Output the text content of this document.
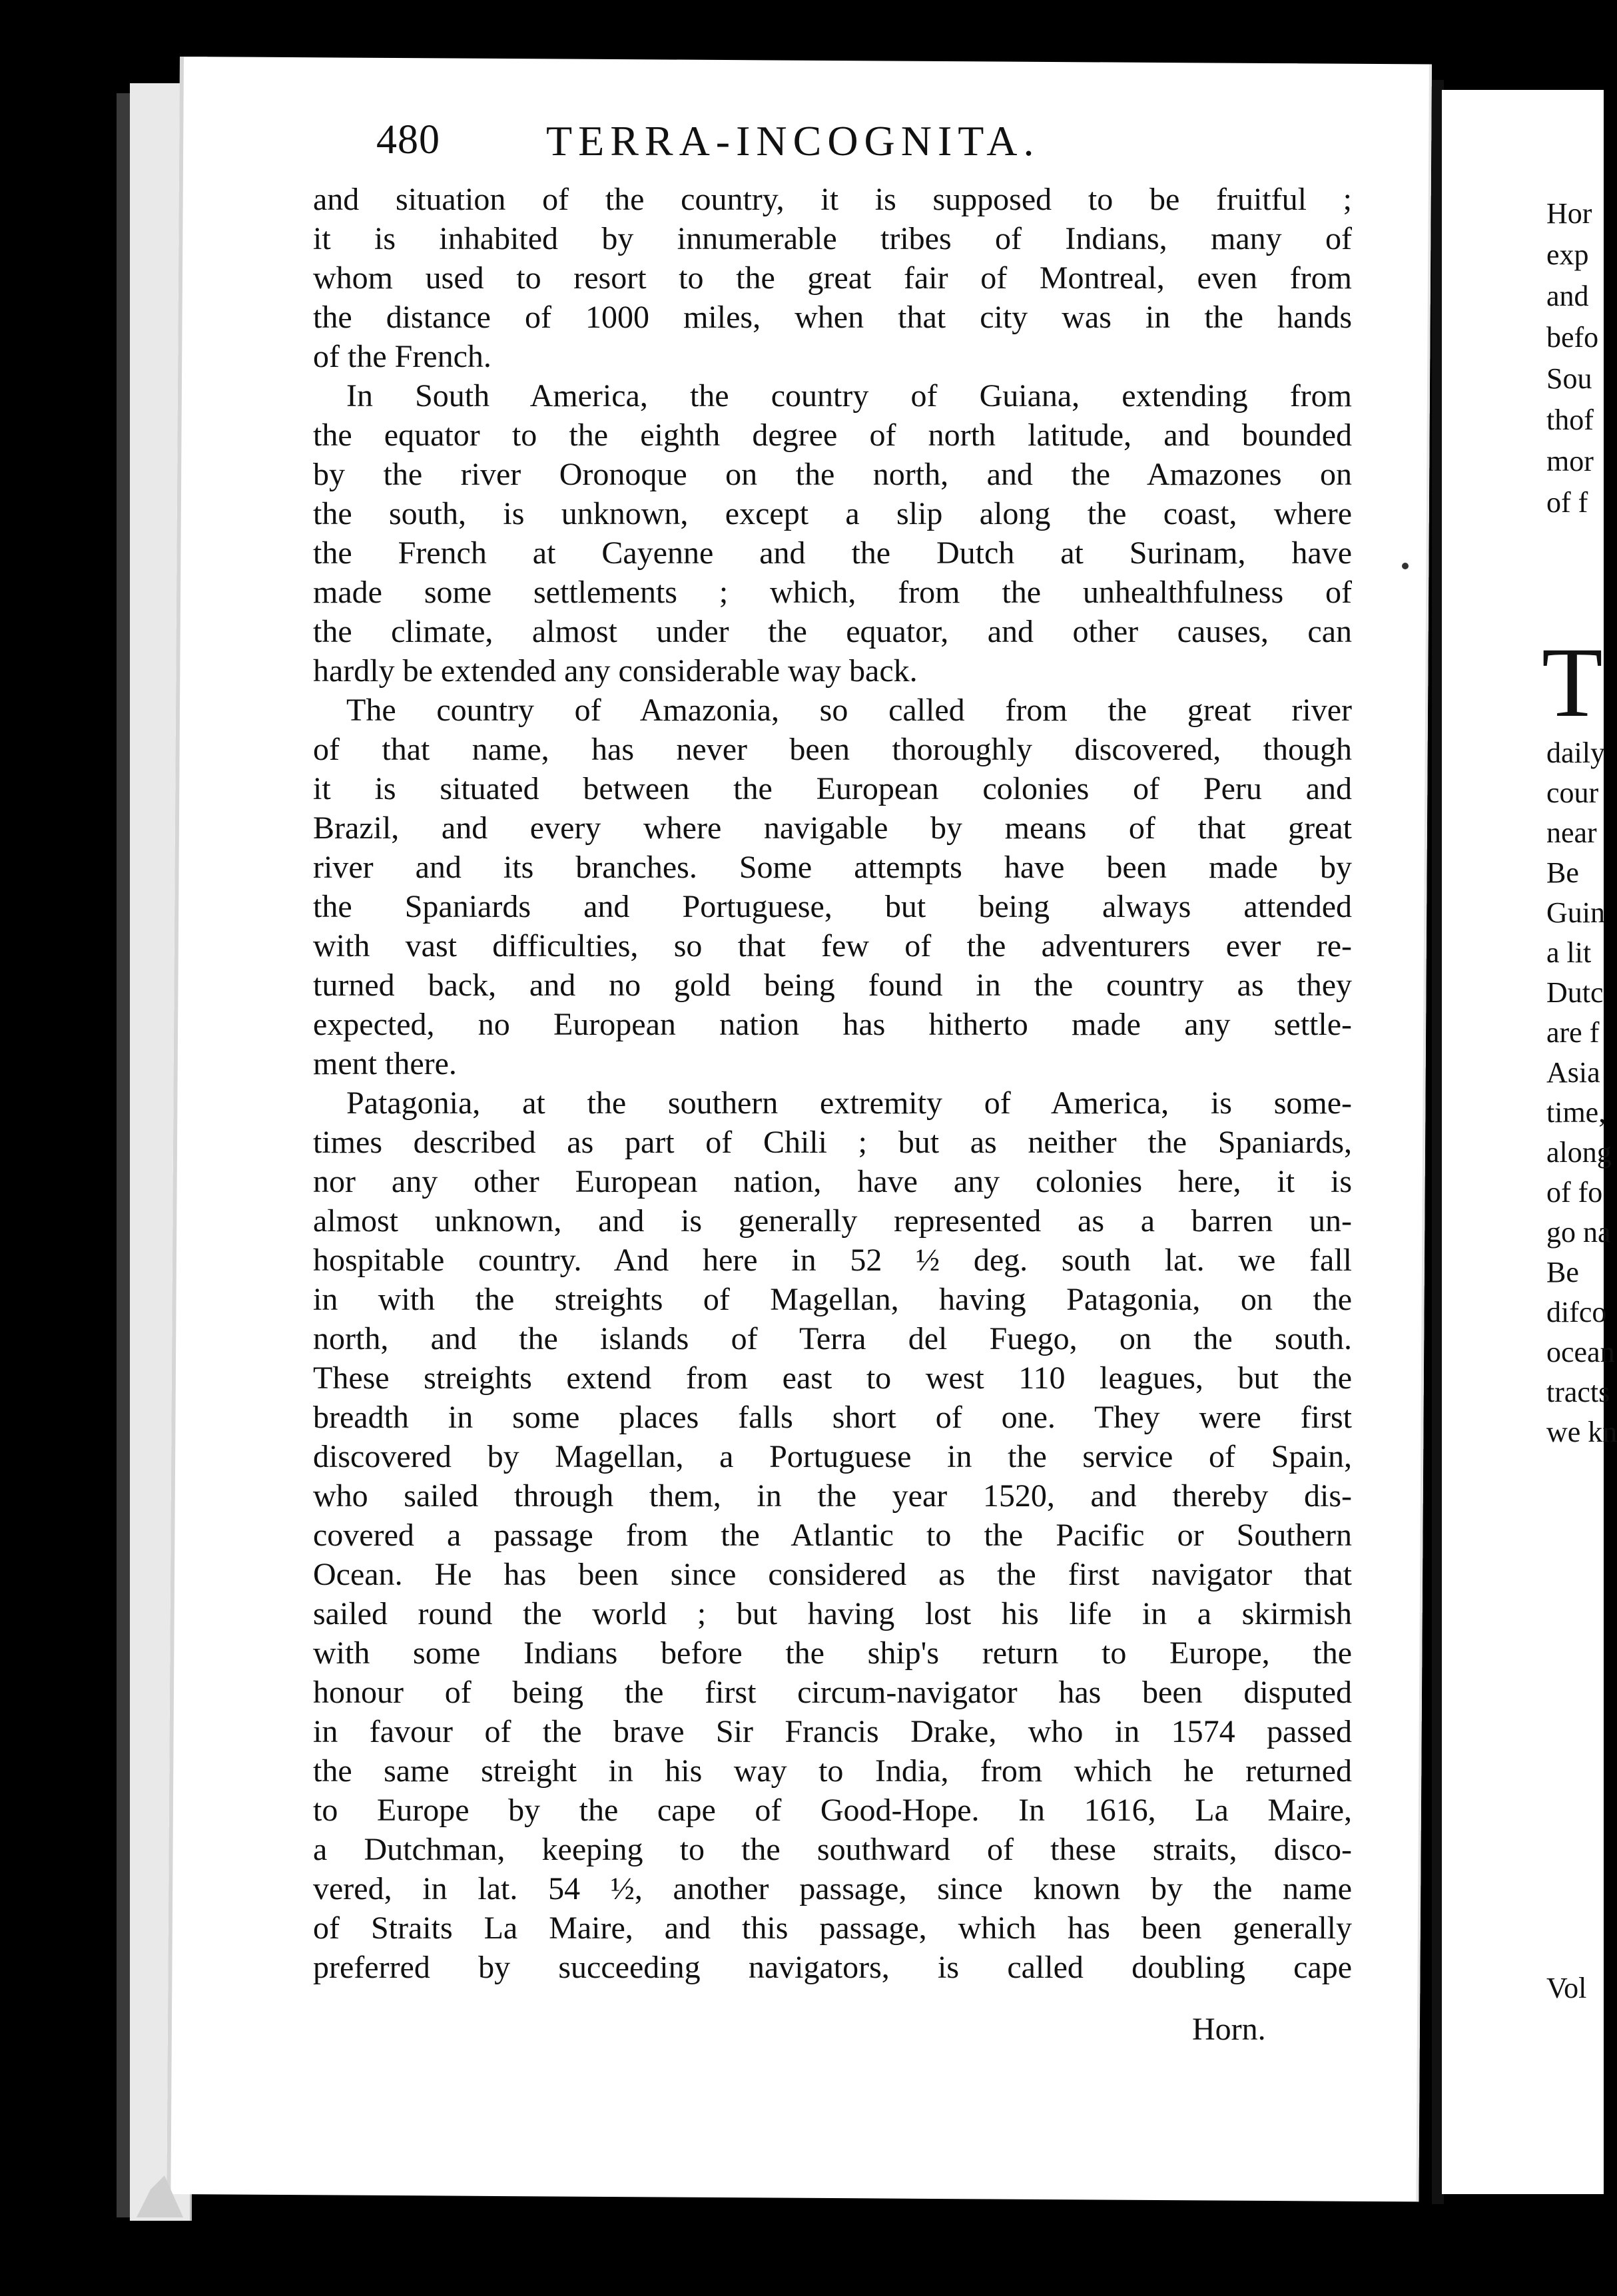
480 TERRA-INCOGNITA.
and situation of the country, it is supposed to be fruitful ;
it is inhabited by innumerable tribes of Indians, many of
whom used to resort to the great fair of Montreal, even from
the distance of 1000 miles, when that city was in the hands
of the French.
In South America, the country of Guiana, extending from
the equator to the eighth degree of north latitude, and bounded
by the river Oronoque on the north, and the Amazones on
the south, is unknown, except a slip along the coast, where
the French at Cayenne and the Dutch at Surinam, have
made some settlements ; which, from the unhealthfulness of
the climate, almost under the equator, and other causes, can
hardly be extended any considerable way back.
The country of Amazonia, so called from the great river
of that name, has never been thoroughly discovered, though
it is situated between the European colonies of Peru and
Brazil, and every where navigable by means of that great
river and its branches. Some attempts have been made by
the Spaniards and Portuguese, but being always attended
with vast difficulties, so that few of the adventurers ever re-
turned back, and no gold being found in the country as they
expected, no European nation has hitherto made any settle-
ment there.
Patagonia, at the southern extremity of America, is some-
times described as part of Chili ; but as neither the Spaniards,
nor any other European nation, have any colonies here, it is
almost unknown, and is generally represented as a barren un-
hospitable country. And here in 52 ½ deg. south lat. we fall
in with the streights of Magellan, having Patagonia, on the
north, and the islands of Terra del Fuego, on the south.
These streights extend from east to west 110 leagues, but the
breadth in some places falls short of one. They were first
discovered by Magellan, a Portuguese in the service of Spain,
who sailed through them, in the year 1520, and thereby dis-
covered a passage from the Atlantic to the Pacific or Southern
Ocean. He has been since considered as the first navigator that
sailed round the world ; but having lost his life in a skirmish
with some Indians before the ship's return to Europe, the
honour of being the first circum-navigator has been disputed
in favour of the brave Sir Francis Drake, who in 1574 passed
the same streight in his way to India, from which he returned
to Europe by the cape of Good-Hope. In 1616, La Maire,
a Dutchman, keeping to the southward of these straits, disco-
vered, in lat. 54 ½, another passage, since known by the name
of Straits La Maire, and this passage, which has been generally
preferred by succeeding navigators, is called doubling cape
Horn.
T
Hor
exp
and
befo
Sou
thof
mor
of f
daily
cour
near
Be
Guin
a lit
Dutc
are f
Asia
time,
along
of fo
go na
Be
difco
ocean
tracts
we kn
Vol
